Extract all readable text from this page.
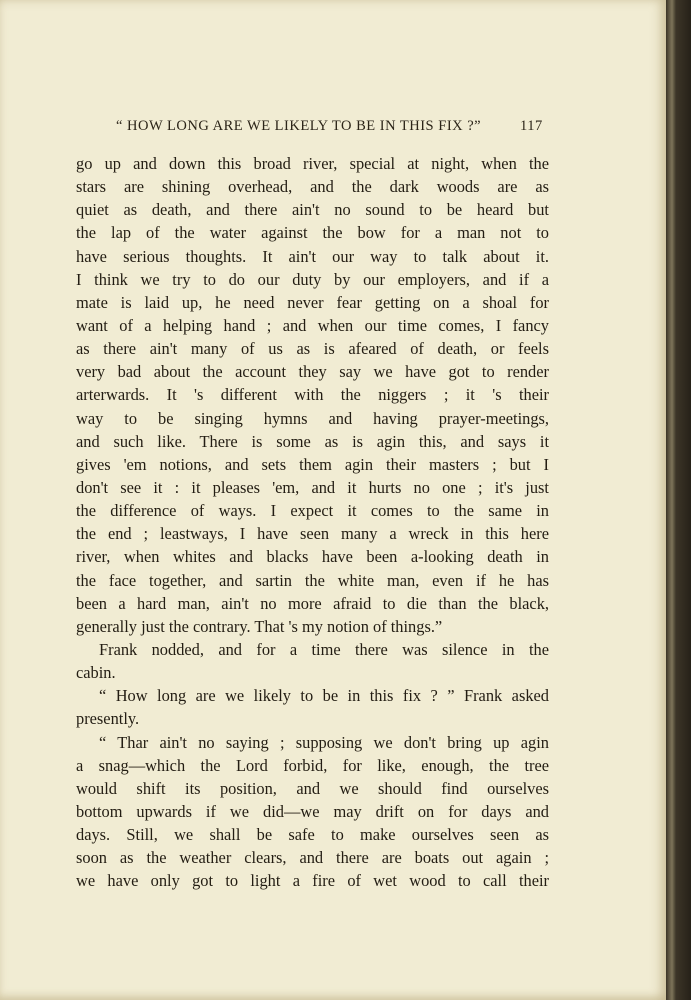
“ HOW LONG ARE WE LIKELY TO BE IN THIS FIX ?”	117
go up and down this broad river, special at night, when the
stars are shining overhead, and the dark woods are as
quiet as death, and there ain't no sound to be heard but
the lap of the water against the bow for a man not to
have serious thoughts. It ain't our way to talk about it.
I think we try to do our duty by our employers, and if a
mate is laid up, he need never fear getting on a shoal for
want of a helping hand ; and when our time comes, I fancy
as there ain't many of us as is afeared of death, or feels
very bad about the account they say we have got to render
arterwards. It 's different with the niggers ; it 's their
way to be singing hymns and having prayer-meetings,
and such like. There is some as is agin this, and says it
gives 'em notions, and sets them agin their masters ; but I
don't see it : it pleases 'em, and it hurts no one ; it's just
the difference of ways. I expect it comes to the same in
the end ; leastways, I have seen many a wreck in this here
river, when whites and blacks have been a-looking death in
the face together, and sartin the white man, even if he has
been a hard man, ain't no more afraid to die than the black,
generally just the contrary. That 's my notion of things.”
Frank nodded, and for a time there was silence in the
cabin.
“ How long are we likely to be in this fix ? ” Frank asked
presently.
“ Thar ain't no saying ; supposing we don't bring up agin
a snag—which the Lord forbid, for like, enough, the tree
would shift its position, and we should find ourselves
bottom upwards if we did—we may drift on for days and
days. Still, we shall be safe to make ourselves seen as
soon as the weather clears, and there are boats out again ;
we have only got to light a fire of wet wood to call their
